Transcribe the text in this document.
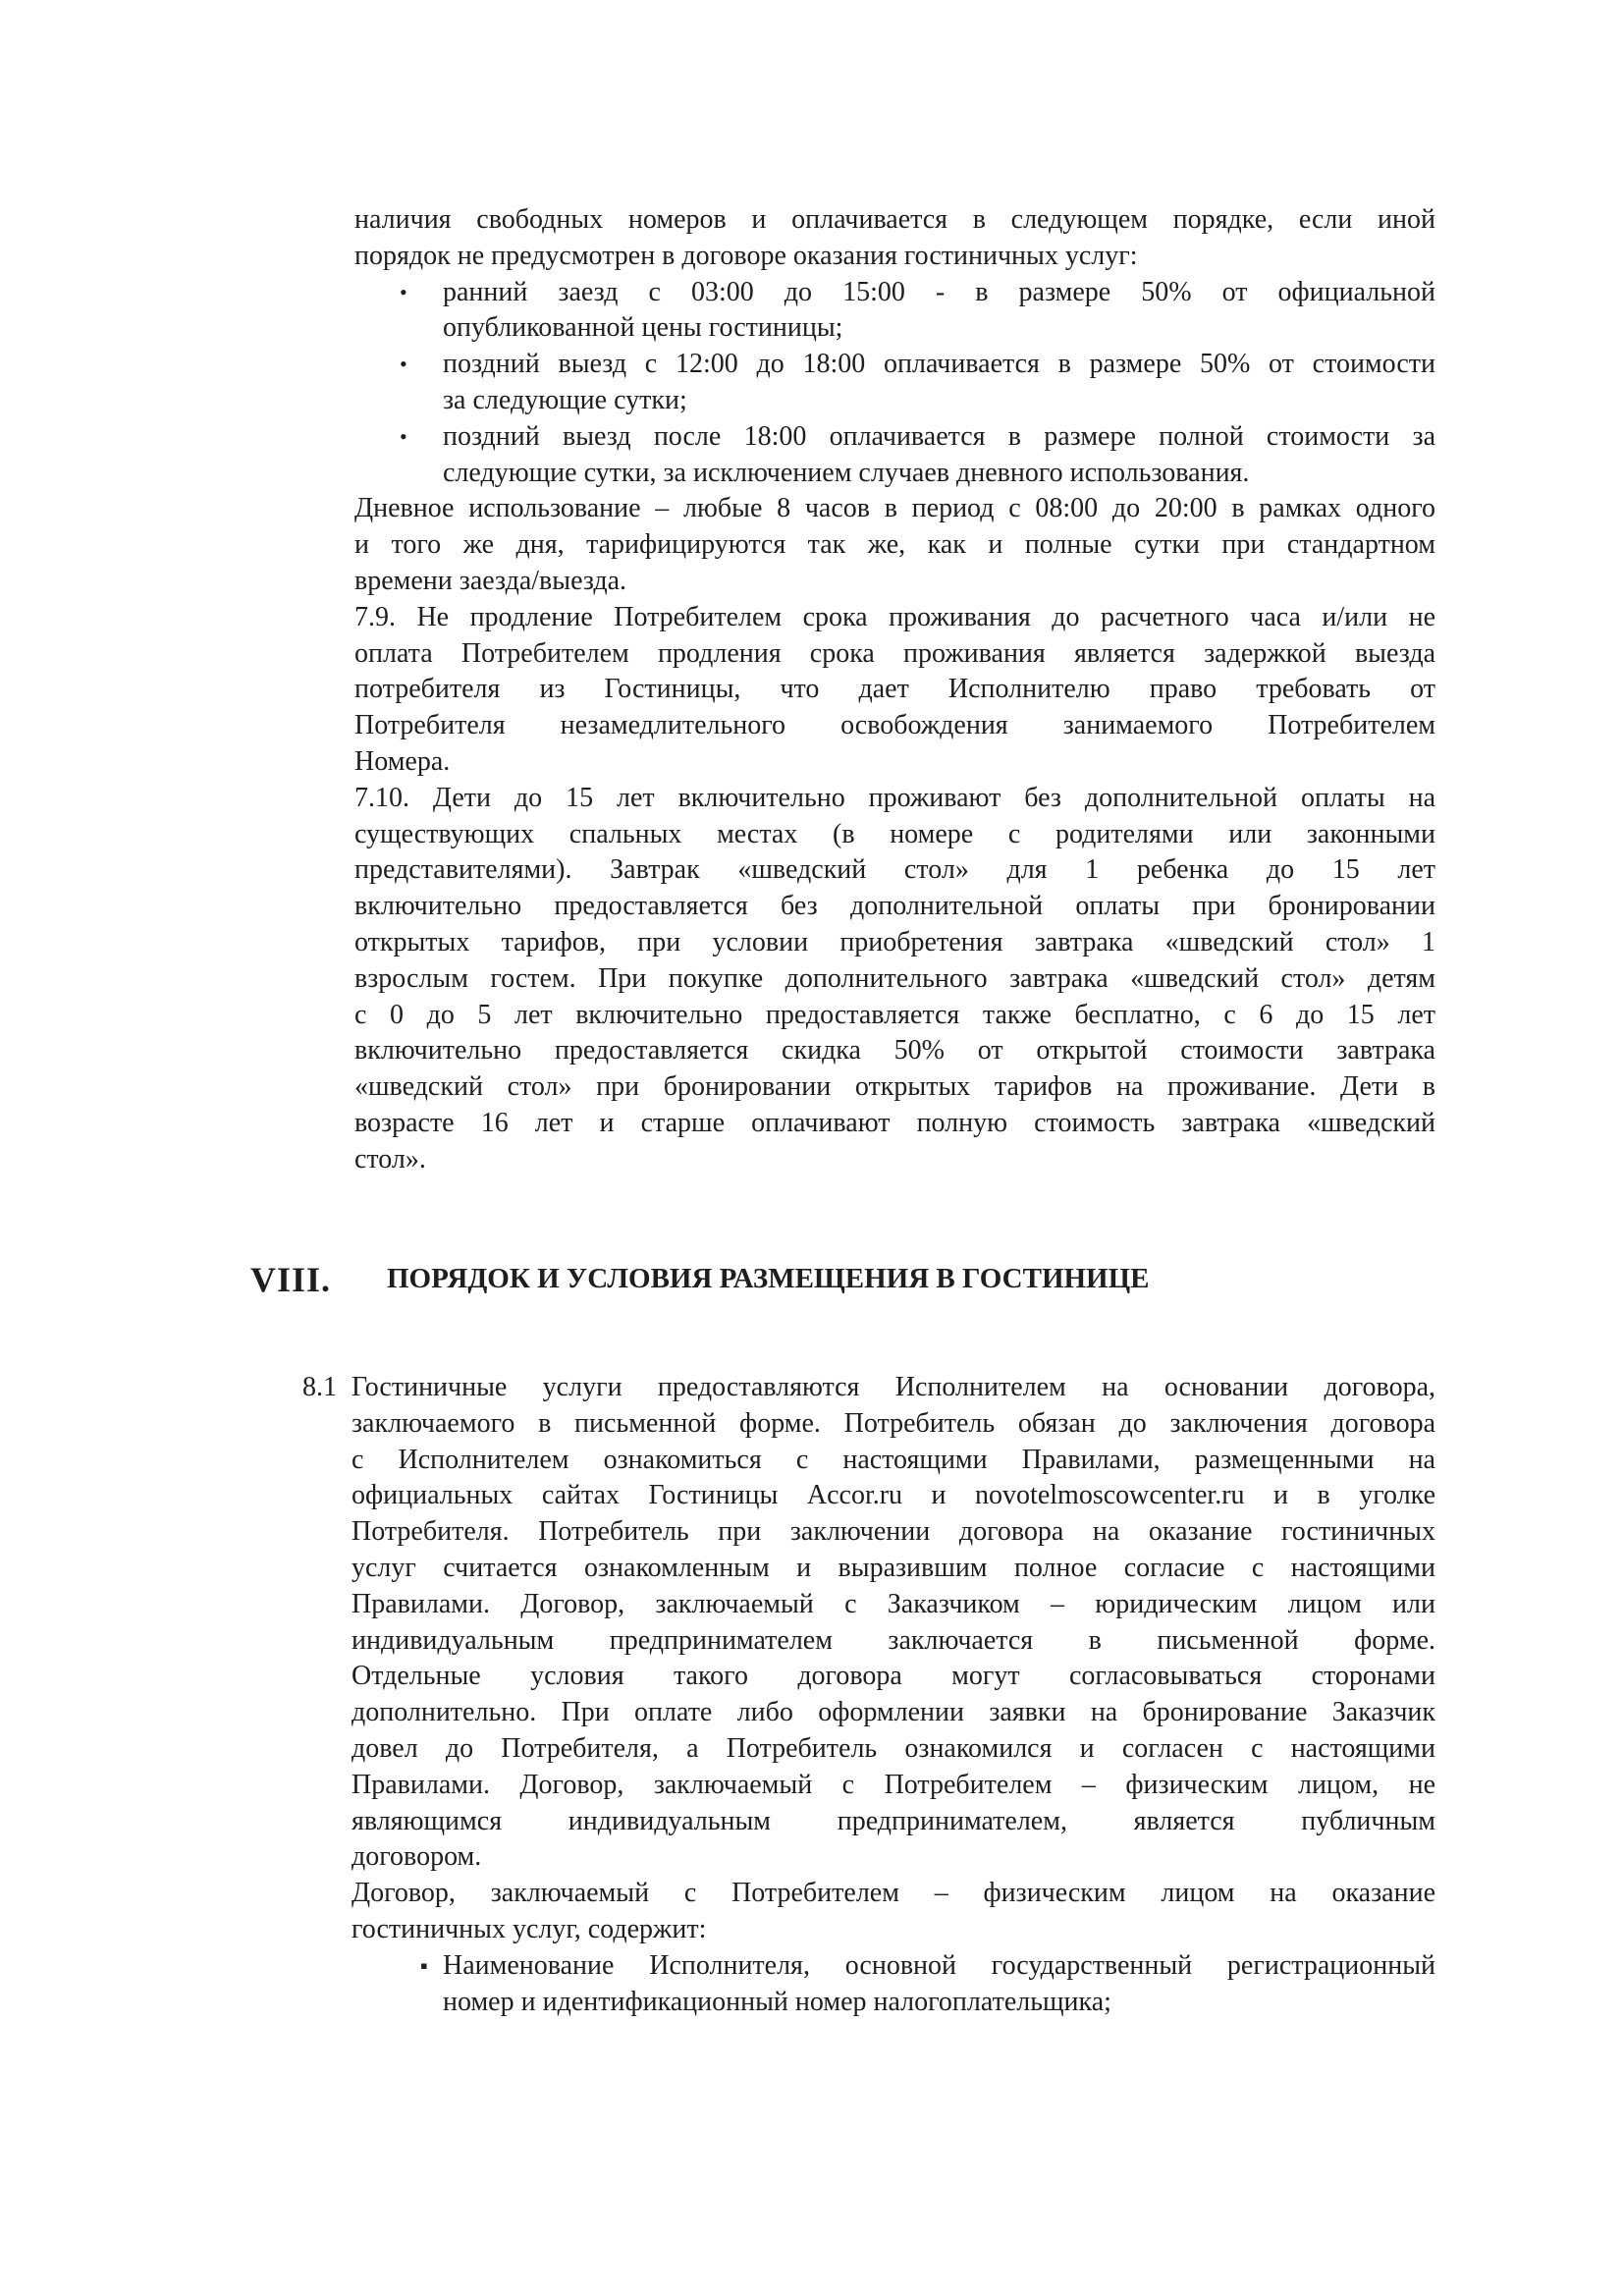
наличия свободных номеров и оплачивается в следующем порядке, если иной
порядок не предусмотрен в договоре оказания гостиничных услуг:
ранний заезд с 03:00 до 15:00 - в размере 50% от официальной
•
опубликованной цены гостиницы;
поздний выезд с 12:00 до 18:00 оплачивается в размере 50% от стоимости
•
за следующие сутки;
поздний выезд после 18:00 оплачивается в размере полной стоимости за
•
следующие сутки, за исключением случаев дневного использования.
Дневное использование – любые 8 часов в период с 08:00 до 20:00 в рамках одного
и того же дня, тарифицируются так же, как и полные сутки при стандартном
времени заезда/выезда.
7.9. Не продление Потребителем срока проживания до расчетного часа и/или не
оплата Потребителем продления срока проживания является задержкой выезда
потребителя из Гостиницы, что дает Исполнителю право требовать от
Потребителя незамедлительного освобождения занимаемого Потребителем
Номера.
7.10. Дети до 15 лет включительно проживают без дополнительной оплаты на
существующих спальных местах (в номере с родителями или законными
представителями). Завтрак «шведский стол» для 1 ребенка до 15 лет
включительно предоставляется без дополнительной оплаты при бронировании
открытых тарифов, при условии приобретения завтрака «шведский стол» 1
взрослым гостем. При покупке дополнительного завтрака «шведский стол» детям
с 0 до 5 лет включительно предоставляется также бесплатно, с 6 до 15 лет
включительно предоставляется скидка 50% от открытой стоимости завтрака
«шведский стол» при бронировании открытых тарифов на проживание. Дети в
возрасте 16 лет и старше оплачивают полную стоимость завтрака «шведский
стол».
VIII. ПОРЯДОК И УСЛОВИЯ РАЗМЕЩЕНИЯ В ГОСТИНИЦЕ
8.1 Гостиничные услуги предоставляются Исполнителем на основании договора,
заключаемого в письменной форме. Потребитель обязан до заключения договора
с Исполнителем ознакомиться с настоящими Правилами, размещенными на
официальных сайтах Гостиницы Accor.ru и novotelmoscowcenter.ru и в уголке
Потребителя. Потребитель при заключении договора на оказание гостиничных
услуг считается ознакомленным и выразившим полное согласие с настоящими
Правилами. Договор, заключаемый с Заказчиком – юридическим лицом или
индивидуальным предпринимателем заключается в письменной форме.
Отдельные условия такого договора могут согласовываться сторонами
дополнительно. При оплате либо оформлении заявки на бронирование Заказчик
довел до Потребителя, а Потребитель ознакомился и согласен с настоящими
Правилами. Договор, заключаемый с Потребителем – физическим лицом, не
являющимся индивидуальным предпринимателем, является публичным
договором.
Договор, заключаемый с Потребителем – физическим лицом на оказание
гостиничных услуг, содержит:
Наименование Исполнителя, основной государственный регистрационный
▪
номер и идентификационный номер налогоплательщика;
